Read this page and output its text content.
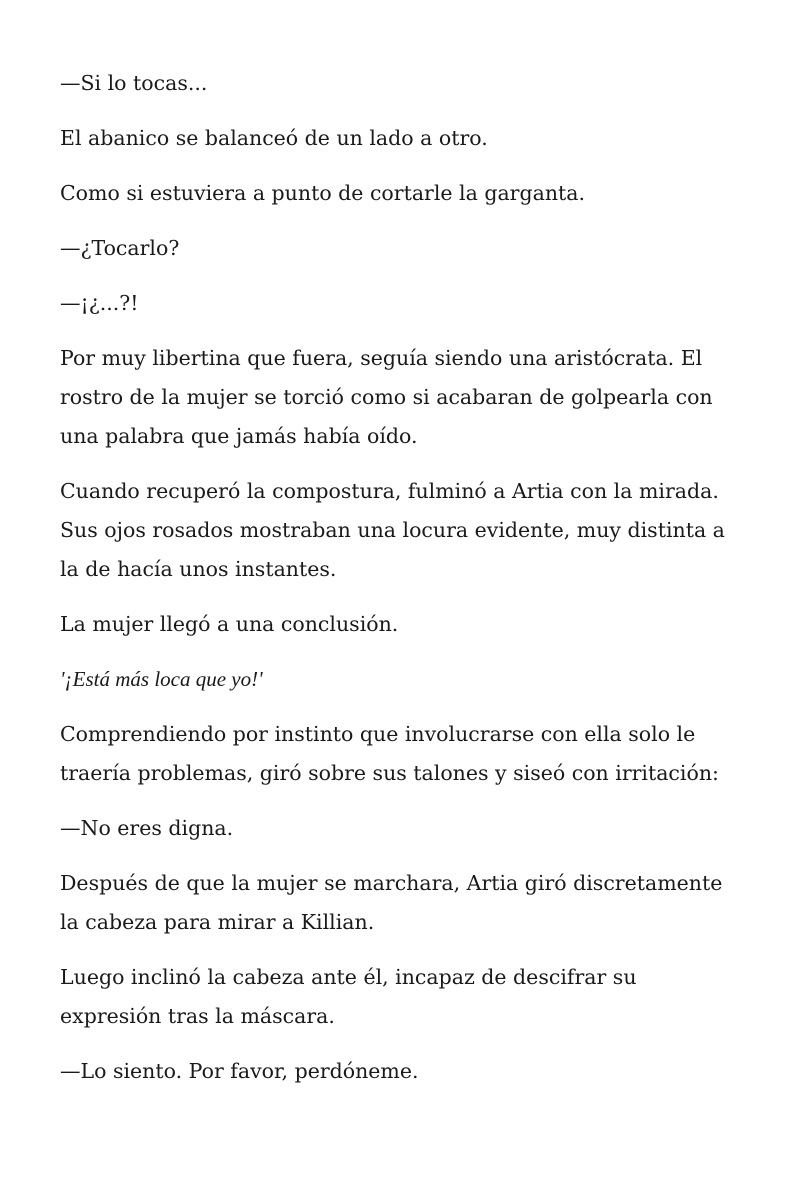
—Si lo tocas...

El abanico se balanceó de un lado a otro.

Como si estuviera a punto de cortarle la garganta.

—¿Tocarlo?

—¡¿...?!

Por muy libertina que fuera, seguía siendo una aristócrata. El rostro de la mujer se torció como si acabaran de golpearla con una palabra que jamás había oído.

Cuando recuperó la compostura, fulminó a Artia con la mirada. Sus ojos rosados mostraban una locura evidente, muy distinta a la de hacía unos instantes.

La mujer llegó a una conclusión.

'¡Está más loca que yo!'

Comprendiendo por instinto que involucrarse con ella solo le traería problemas, giró sobre sus talones y siseó con irritación:

—No eres digna.

Después de que la mujer se marchara, Artia giró discretamente la cabeza para mirar a Killian.

Luego inclinó la cabeza ante él, incapaz de descifrar su expresión tras la máscara.

—Lo siento. Por favor, perdóneme.
